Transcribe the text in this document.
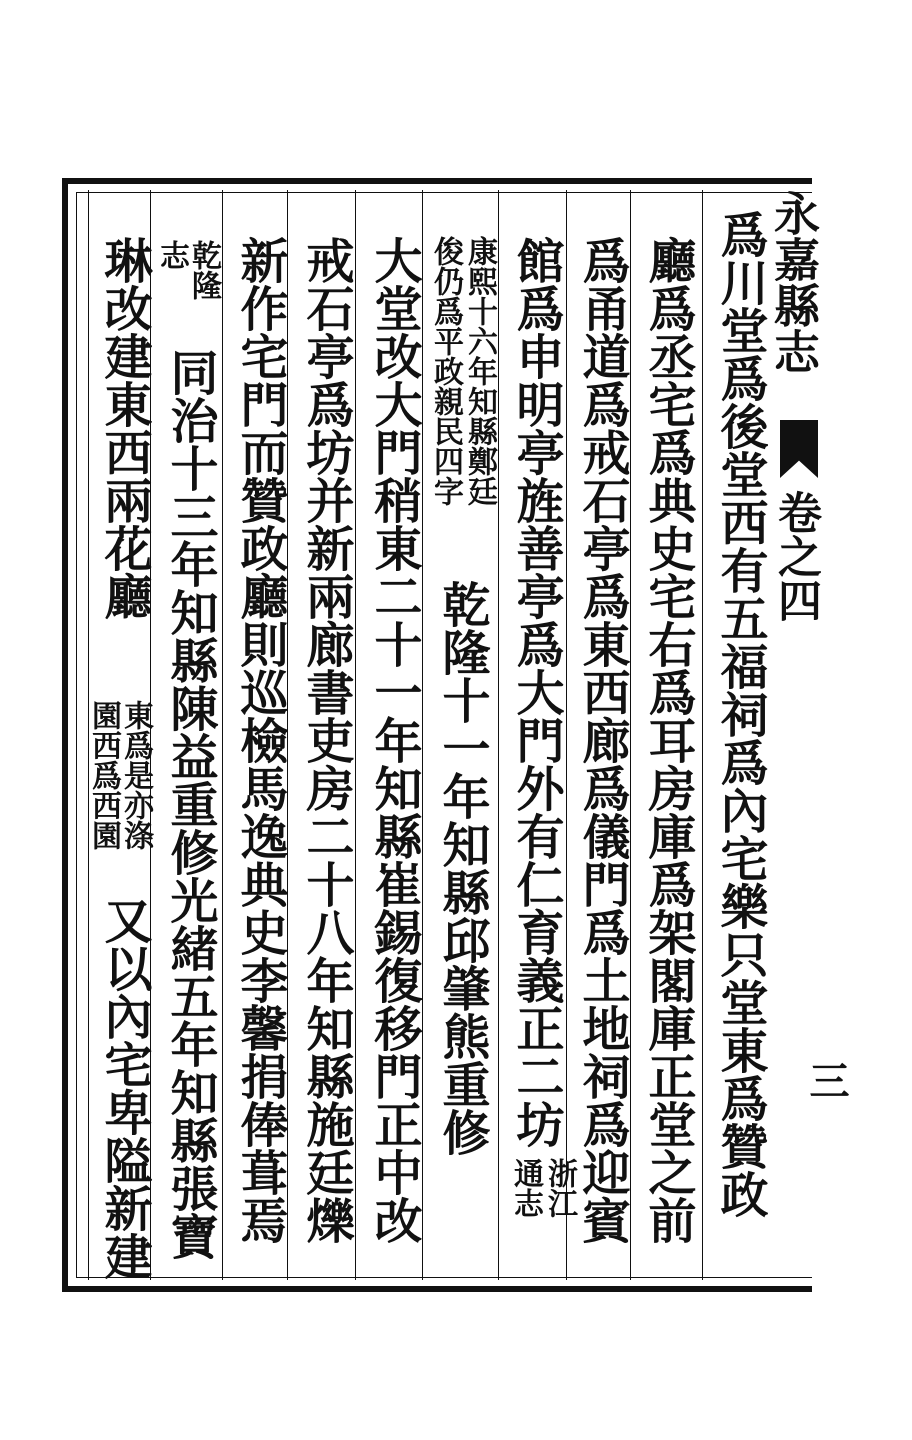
永嘉縣志
卷之四
三
爲川堂爲後堂西有五福祠爲內宅樂只堂東爲贊政
廳爲丞宅爲典史宅右爲耳房庫爲架閣庫正堂之前
爲甬道爲戒石亭爲東西廊爲儀門爲土地祠爲迎賓
館爲申明亭旌善亭爲大門外有仁育義正二坊
浙江
通志
康熙十六年知縣鄭廷
俊仍爲平政親民四字
乾隆十一年知縣邱肇熊重修
大堂改大門稍東二十一年知縣崔錫復移門正中改
戒石亭爲坊并新兩廊書吏房二十八年知縣施廷爍
新作宅門而贊政廳則巡檢馬逸典史李馨捐俸葺焉
乾隆
志
同治十三年知縣陳益重修光緒五年知縣張寶
琳改建東西兩花廳
東爲是亦涤
園西爲西園
又以內宅卑隘新建
